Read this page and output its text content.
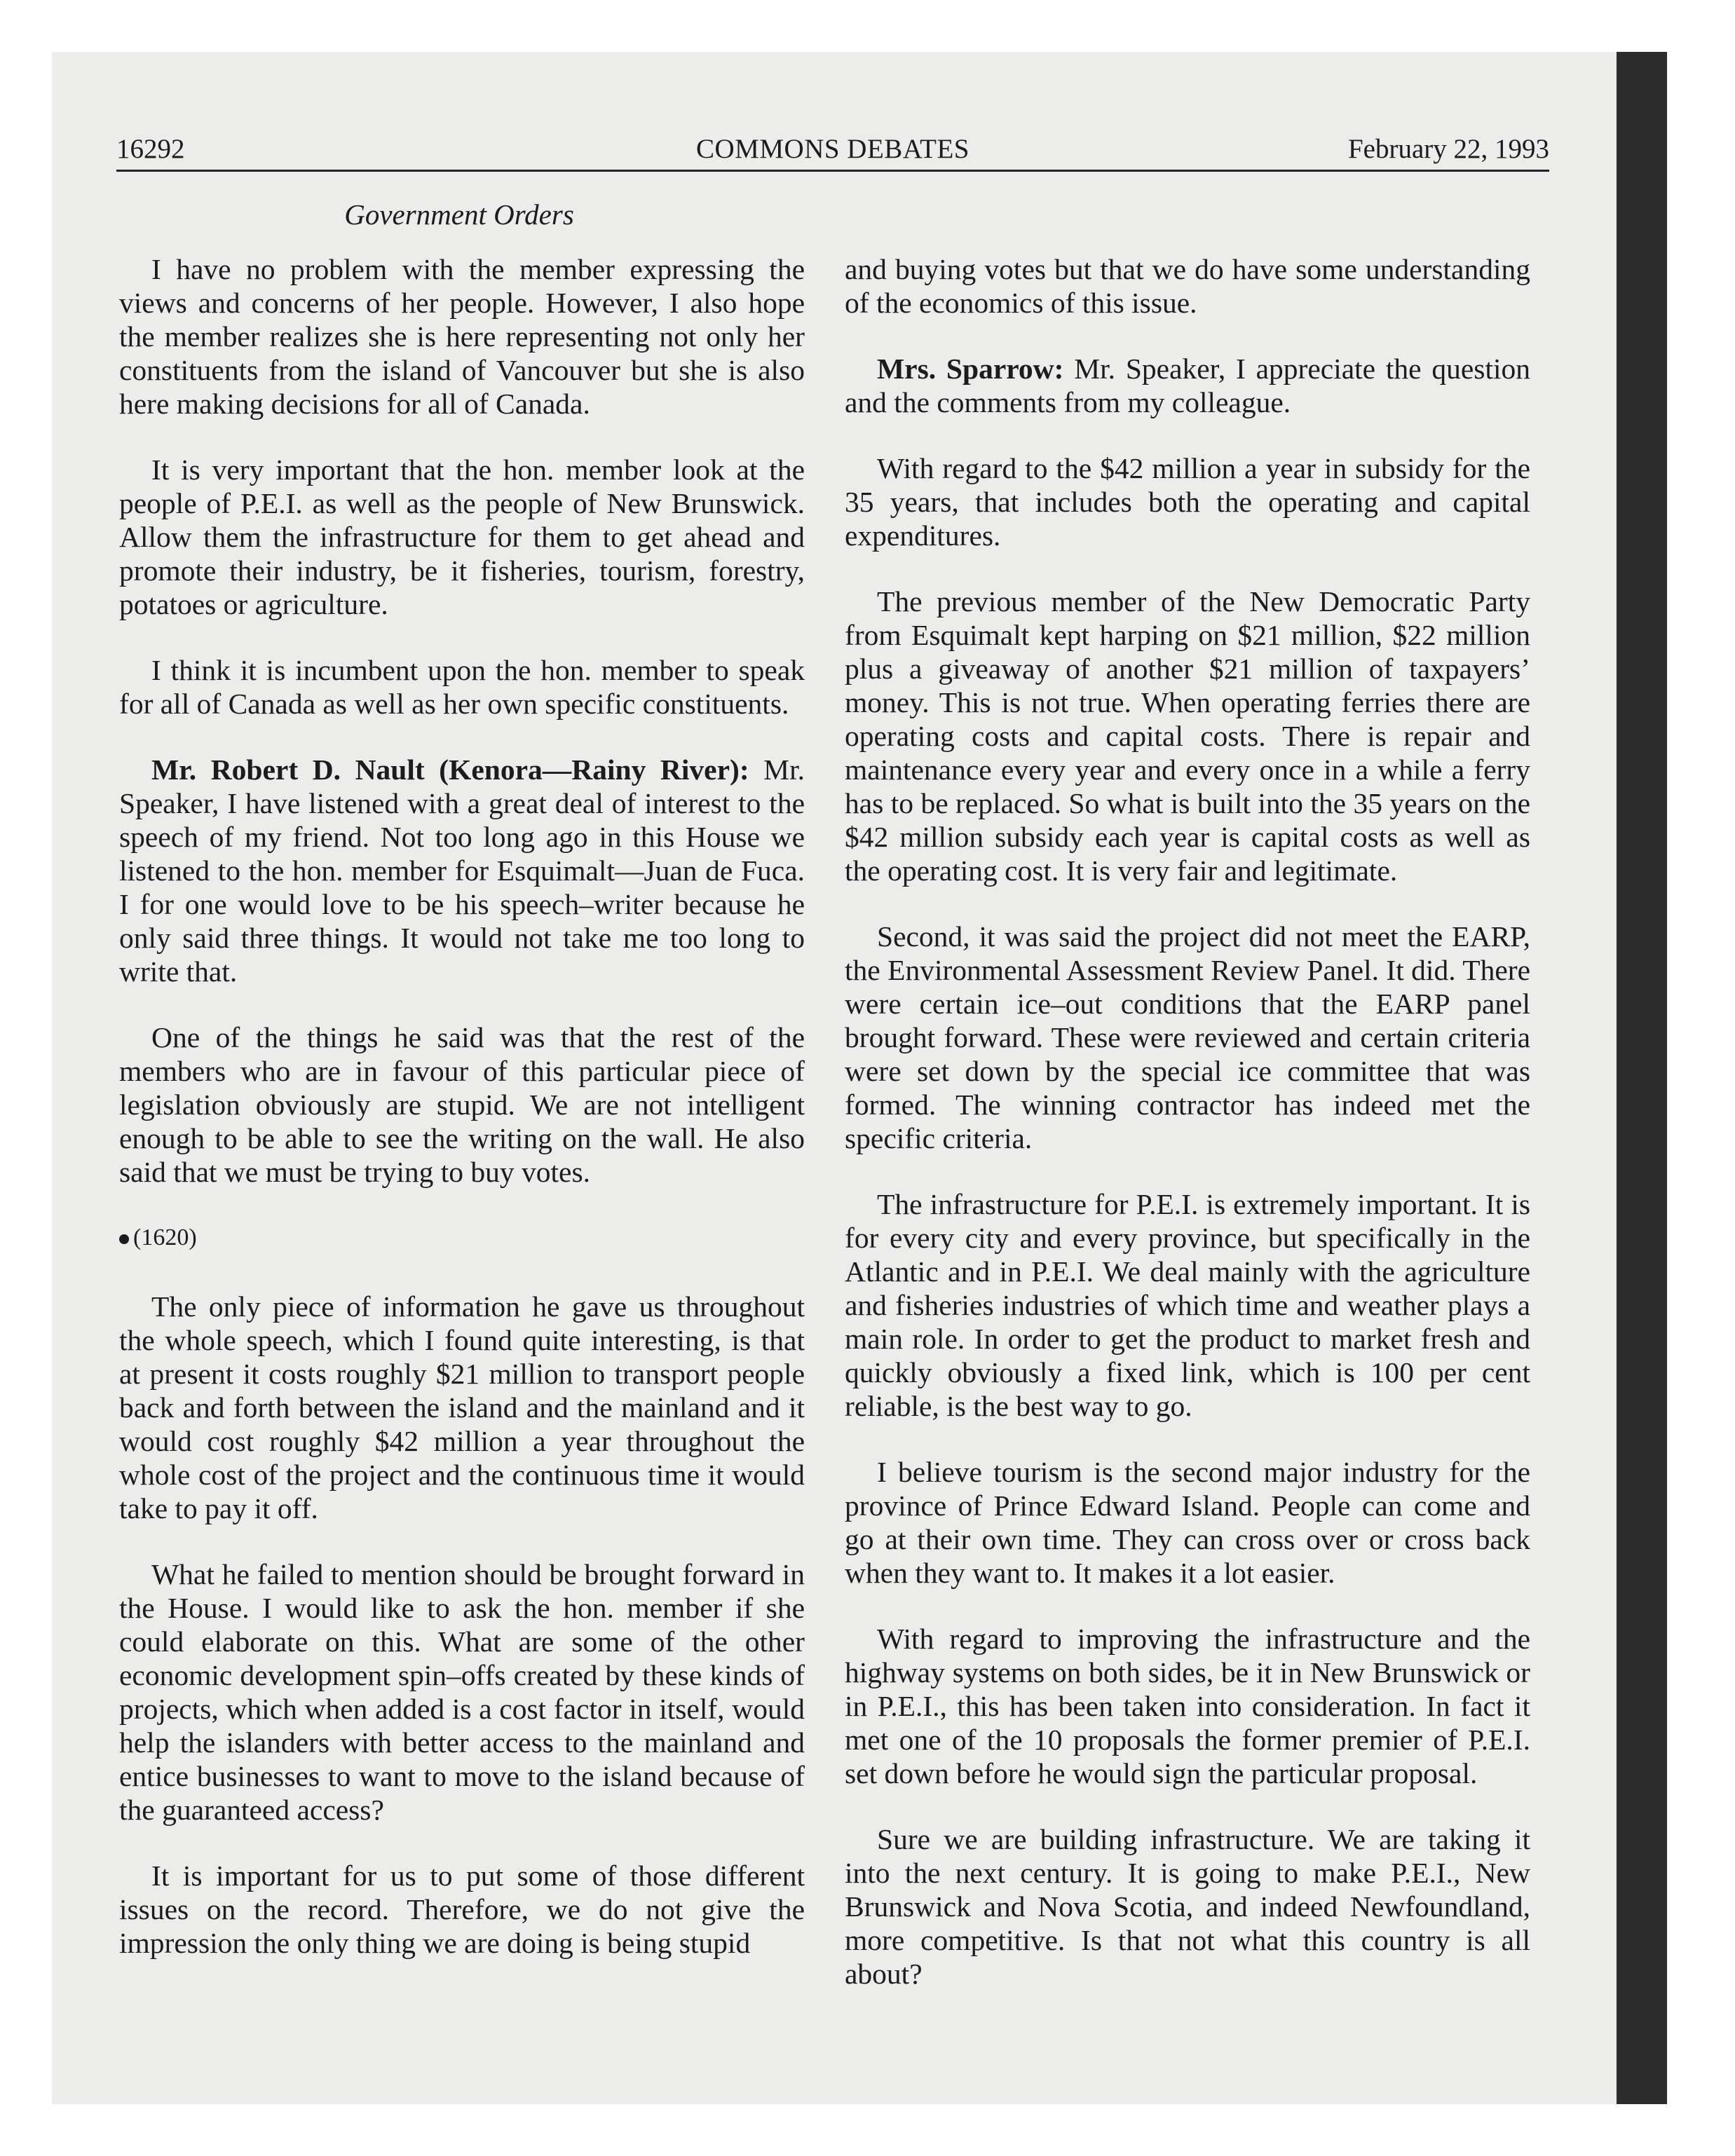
16292	COMMONS DEBATES	February 22, 1993
Government Orders

I have no problem with the member expressing the views and concerns of her people. However, I also hope the member realizes she is here representing not only her constituents from the island of Vancouver but she is also here making decisions for all of Canada.

It is very important that the hon. member look at the people of P.E.I. as well as the people of New Brunswick. Allow them the infrastructure for them to get ahead and promote their industry, be it fisheries, tourism, forestry, potatoes or agriculture.

I think it is incumbent upon the hon. member to speak for all of Canada as well as her own specific constituents.

Mr. Robert D. Nault (Kenora—Rainy River): Mr. Speaker, I have listened with a great deal of interest to the speech of my friend. Not too long ago in this House we listened to the hon. member for Esquimalt—Juan de Fuca. I for one would love to be his speech–writer because he only said three things. It would not take me too long to write that.

One of the things he said was that the rest of the members who are in favour of this particular piece of legislation obviously are stupid. We are not intelligent enough to be able to see the writing on the wall. He also said that we must be trying to buy votes.

(1620)

The only piece of information he gave us throughout the whole speech, which I found quite interesting, is that at present it costs roughly $21 million to transport people back and forth between the island and the mainland and it would cost roughly $42 million a year throughout the whole cost of the project and the continuous time it would take to pay it off.

What he failed to mention should be brought forward in the House. I would like to ask the hon. member if she could elaborate on this. What are some of the other economic development spin–offs created by these kinds of projects, which when added is a cost factor in itself, would help the islanders with better access to the mainland and entice businesses to want to move to the island because of the guaranteed access?

It is important for us to put some of those different issues on the record. Therefore, we do not give the impression the only thing we are doing is being stupid

and buying votes but that we do have some understanding of the economics of this issue.

Mrs. Sparrow: Mr. Speaker, I appreciate the question and the comments from my colleague.

With regard to the $42 million a year in subsidy for the 35 years, that includes both the operating and capital expenditures.

The previous member of the New Democratic Party from Esquimalt kept harping on $21 million, $22 million plus a giveaway of another $21 million of taxpayers’ money. This is not true. When operating ferries there are operating costs and capital costs. There is repair and maintenance every year and every once in a while a ferry has to be replaced. So what is built into the 35 years on the $42 million subsidy each year is capital costs as well as the operating cost. It is very fair and legitimate.

Second, it was said the project did not meet the EARP, the Environmental Assessment Review Panel. It did. There were certain ice–out conditions that the EARP panel brought forward. These were reviewed and certain criteria were set down by the special ice committee that was formed. The winning contractor has indeed met the specific criteria.

The infrastructure for P.E.I. is extremely important. It is for every city and every province, but specifically in the Atlantic and in P.E.I. We deal mainly with the agriculture and fisheries industries of which time and weather plays a main role. In order to get the product to market fresh and quickly obviously a fixed link, which is 100 per cent reliable, is the best way to go.

I believe tourism is the second major industry for the province of Prince Edward Island. People can come and go at their own time. They can cross over or cross back when they want to. It makes it a lot easier.

With regard to improving the infrastructure and the highway systems on both sides, be it in New Brunswick or in P.E.I., this has been taken into consideration. In fact it met one of the 10 proposals the former premier of P.E.I. set down before he would sign the particular proposal.

Sure we are building infrastructure. We are taking it into the next century. It is going to make P.E.I., New Brunswick and Nova Scotia, and indeed Newfoundland, more competitive. Is that not what this country is all about?
